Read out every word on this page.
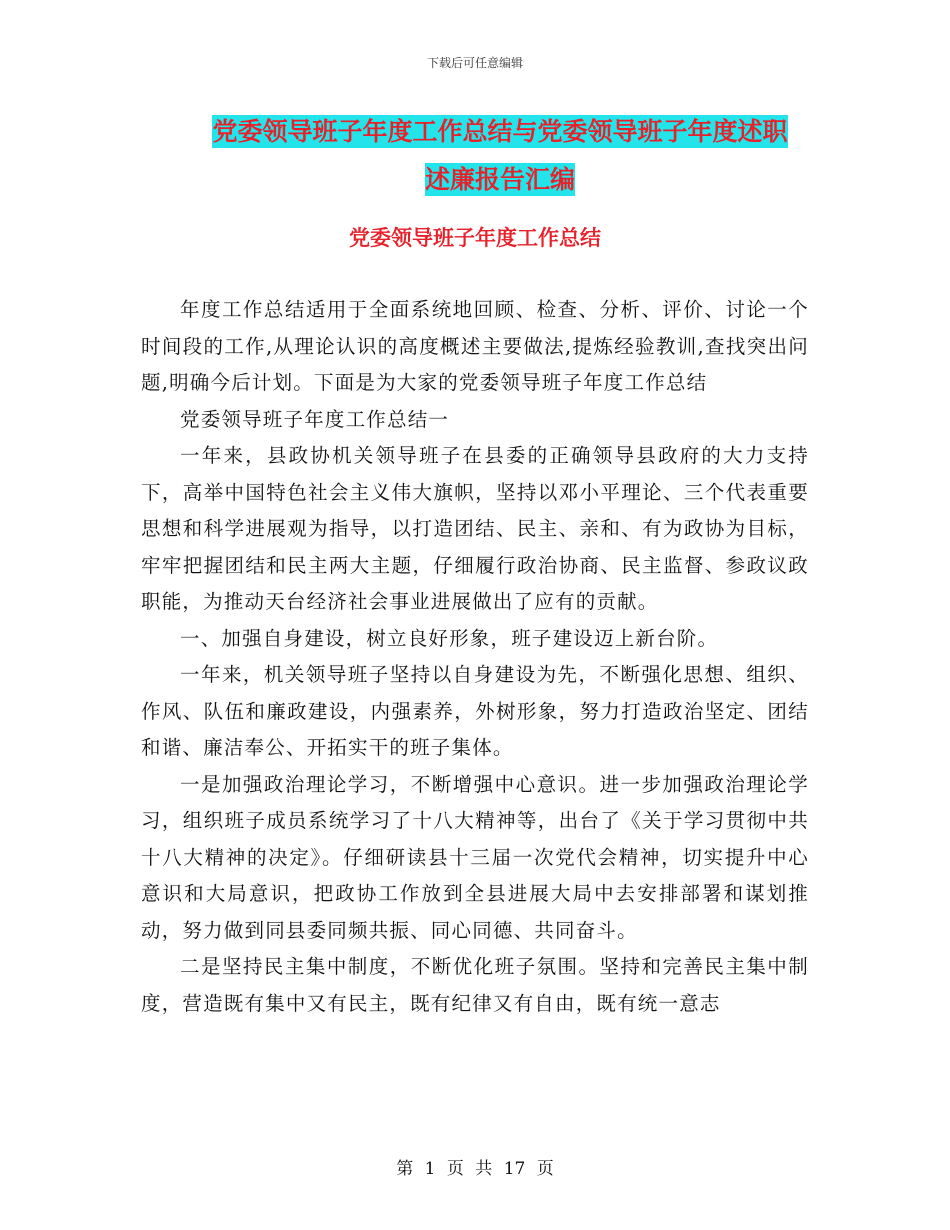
下载后可任意编辑
党委领导班子年度工作总结与党委领导班子年度述职
述廉报告汇编
党委领导班子年度工作总结

年度工作总结适用于全面系统地回顾、检查、分析、评价、讨论一个时间段的工作,从理论认识的高度概述主要做法,提炼经验教训,查找突出问题,明确今后计划。下面是为大家的党委领导班子年度工作总结

党委领导班子年度工作总结一

一年来，县政协机关领导班子在县委的正确领导县政府的大力支持下，高举中国特色社会主义伟大旗帜，坚持以邓小平理论、三个代表重要思想和科学进展观为指导，以打造团结、民主、亲和、有为政协为目标，牢牢把握团结和民主两大主题，仔细履行政治协商、民主监督、参政议政职能，为推动天台经济社会事业进展做出了应有的贡献。

一、加强自身建设，树立良好形象，班子建设迈上新台阶。

一年来，机关领导班子坚持以自身建设为先，不断强化思想、组织、作风、队伍和廉政建设，内强素养，外树形象，努力打造政治坚定、团结和谐、廉洁奉公、开拓实干的班子集体。

一是加强政治理论学习，不断增强中心意识。进一步加强政治理论学习，组织班子成员系统学习了十八大精神等，出台了《关于学习贯彻中共十八大精神的决定》。仔细研读县十三届一次党代会精神，切实提升中心意识和大局意识，把政协工作放到全县进展大局中去安排部署和谋划推动，努力做到同县委同频共振、同心同德、共同奋斗。

二是坚持民主集中制度，不断优化班子氛围。坚持和完善民主集中制度，营造既有集中又有民主，既有纪律又有自由，既有统一意志

第 1 页 共 17 页
